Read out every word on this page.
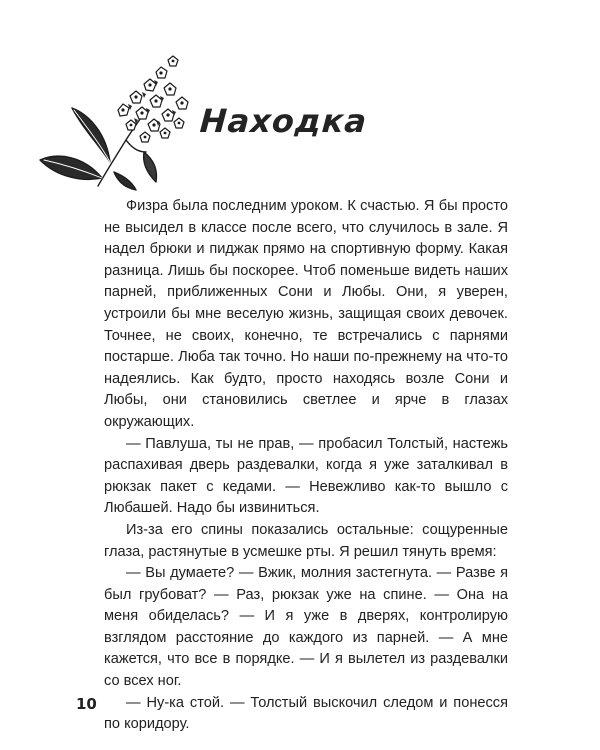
Находка

Физра была последним уроком. К счастью. Я бы просто не высидел в классе после всего, что случилось в зале. Я надел брюки и пиджак прямо на спортивную форму. Какая разница. Лишь бы поскорее. Чтоб поменьше видеть наших парней, приближенных Сони и Любы. Они, я уверен, устроили бы мне веселую жизнь, защищая своих девочек. Точнее, не своих, конечно, те встречались с парнями постарше. Люба так точно. Но наши по-прежнему на что-то надеялись. Как будто, просто находясь возле Сони и Любы, они становились светлее и ярче в глазах окружающих.

— Павлуша, ты не прав, — пробасил Толстый, настежь распахивая дверь раздевалки, когда я уже заталкивал в рюкзак пакет с кедами. — Невежливо как-то вышло с Любашей. Надо бы извиниться.

Из-за его спины показались остальные: сощуренные глаза, растянутые в усмешке рты. Я решил тянуть время:

— Вы думаете? — Вжик, молния застегнута. — Разве я был грубоват? — Раз, рюкзак уже на спине. — Она на меня обиделась? — И я уже в дверях, контролирую взглядом расстояние до каждого из парней. — А мне кажется, что все в порядке. — И я вылетел из раздевалки со всех ног.

— Ну-ка стой. — Толстый выскочил следом и понесся по коридору.

10
